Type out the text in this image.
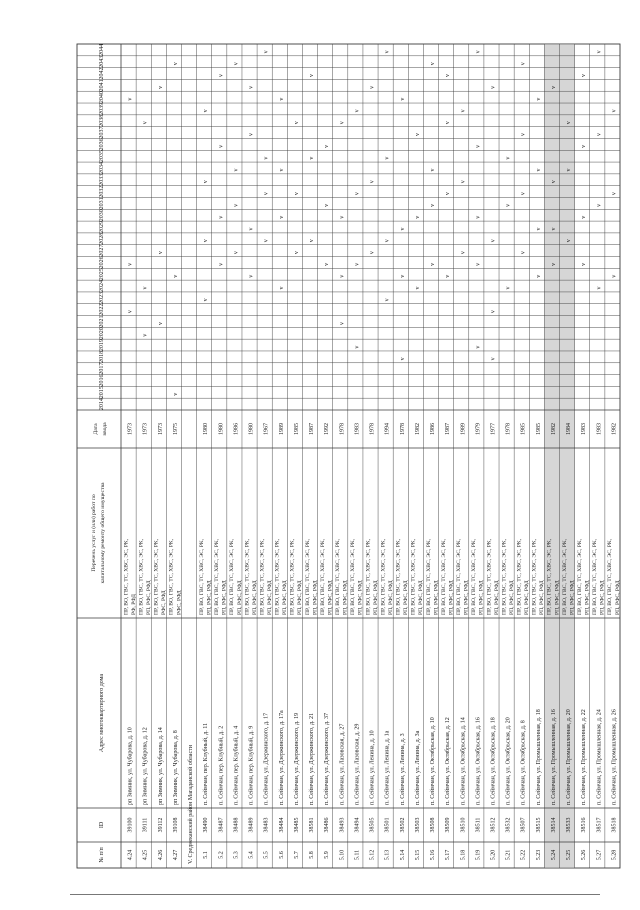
№ п/п
ID
Адрес многоквартирного дома
Перечень услуг и (или) работ по капитальному ремонту общего имущества
Дата ввода
2014
2015
2016
2017
2018
2019
2020
2021
2022
2023
2024
2025
2026
2027
2028
2029
2030
2031
2032
2033
2034
2035
2036
2037
2038
2039
2040
2041
2042
2043
2044
4.24
39100
рп Зимник, ул. Чубарова, д. 10
ПР, ВО, ГВС, ТС, ХВС, ЭС, РК, РФ, РФД
1973
v
v
v
4.25
39111
рп Зимник, ул. Чубарова, д. 12
ПР, ВО, ГВС, ТС, ХВС, ЭС, РК, РП, РФС, РФД
1973
v
v
v
4.26
39112
рп Зимник, ул. Чубарова, д. 14
ПР, ВО, ГВС, ТС, ХВС, ЭС, РК, РФС, РФД
1973
v
v
v
4.27
39108
рп Зимник, ул. Чубарова, д. 8
ПР, ВО, ГВС, ТС, ХВС, ЭС, РК, РФС, РФД
1975
v
v
v
V. Среднеканский район Магаданской области 5.1
38490
п. Сеймчан, пер. Клубный, д. 11
ПР, ВО, ГВС, ТС, ХВС, ЭС, РК, РП, РФС, РФД
1980
v
v
v
v
5.2
38487
п. Сеймчан, пер. Клубный, д. 2
ПР, ВО, ГВС, ТС, ХВС, ЭС, РК, РП, РФС, РФД
1980
v
v
v
v
5.3
38488
п. Сеймчан, пер. Клубный, д. 4
ПР, ВО, ГВС, ТС, ХВС, ЭС, РК, РП, РФС, РФД
1986
v
v
v
v
5.4
38489
п. Сеймчан, пер. Клубный, д. 9
ПР, ВО, ГВС, ТС, ХВС, ЭС, РК, РП, РФС, РФД
1980
v
v
v
v
5.5
38483
п. Сеймчан, ул. Дзержинского, д. 17
ПР, ВО, ГВС, ТС, ХВС, ЭС, РК, РП, РФС, РФД
1967
v
v
v
v
5.6
38484
п. Сеймчан, ул. Дзержинского, д. 17а
ПР, ВО, ГВС, ТС, ХВС, ЭС, РК, РП, РФС, РФД
1989
v
v
v
v
5.7
38485
п. Сеймчан, ул. Дзержинского, д. 19
ПР, ВО, ГВС, ТС, ХВС, ЭС, РК, РП, РФС, РФД
1985
v
v
v
5.8
38581
п. Сеймчан, ул. Дзержинского, д. 21
ПР, ВО, ГВС, ТС, ХВС, ЭС, РК, РП, РФС, РФД
1987
v
v
v
5.9
38486
п. Сеймчан, ул. Дзержинского, д. 37
ПР, ВО, ГВС, ТС, ХВС, ЭС, РК, РП, РФС, РФД
1992
v
v
v
5.10
38493
п. Сеймчан, ул. Лазовская, д. 27
ПР, ВО, ГВС, ТС, ХВС, ЭС, РК, РП, РФС, РФД
1978
v
v
v
v
5.11
38494
п. Сеймчан, ул. Лазовская, д. 29
ПР, ВО, ГВС, ТС, ХВС, ЭС, РК, РП, РФС, РФД
1983
v
v
v
v
5.12
38505
п. Сеймчан, ул. Ленина, д. 10
ПР, ВО, ГВС, ТС, ХВС, ЭС, РК, РП, РФС, РФД
1978
v
v
v
5.13
38501
п. Сеймчан, ул. Ленина, д. 1а
ПР, ВО, ГВС, ТС, ХВС, ЭС, РК, РП, РФС, РФД
1994
v
v
v
v
5.14
38502
п. Сеймчан, ул. Ленина, д. 3
ПР, ВО, ГВС, ТС, ХВС, ЭС, РК, РП, РФС, РФД
1978
v
v
v
v
5.15
38503
п. Сеймчан, ул. Ленина, д. 3а
ПР, ВО, ГВС, ТС, ХВС, ЭС, РК, РП, РФС, РФД
1982
v
v
v
5.16
38508
п. Сеймчан, ул. Октябрьская, д. 10
ПР, ВО, ГВС, ТС, ХВС, ЭС, РК, РП, РФС, РФД
1986
v
v
v
v
5.17
38509
п. Сеймчан, ул. Октябрьская, д. 12
ПР, ВО, ГВС, ТС, ХВС, ЭС, РК, РП, РФС, РФД
1987
v
v
v
v
5.18
38510
п. Сеймчан, ул. Октябрьская, д. 14
ПР, ВО, ГВС, ТС, ХВС, ЭС, РК, РП, РФС, РФД
1989
v
v
v
5.19
38511
п. Сеймчан, ул. Октябрьская, д. 16
ПР, ВО, ГВС, ТС, ХВС, ЭС, РК, РП, РФС, РФД
1979
v
v
v
v
v
5.20
38512
п. Сеймчан, ул. Октябрьская, д. 18
ПР, ВО, ГВС, ТС, ХВС, ЭС, РК, РП, РФС, РФД
1977
v
v
v
v
5.21
38532
п. Сеймчан, ул. Октябрьская, д. 20
ПР, ВО, ГВС, ТС, ХВС, ЭС, РК, РП, РФС, РФД
1978
v
v
v
5.22
38507
п. Сеймчан, ул. Октябрьская, д. 8
ПР, ВО, ГВС, ТС, ХВС, ЭС, РК, РП, РФС, РФД
1985
v
v
v
v
5.23
38515
п. Сеймчан, ул. Промышленная, д. 18
ПР, ВО, ГВС, ТС, ХВС, ЭС, РК, РП, РФС, РФД
1985
v
v
v
v
5.24
38514
п. Сеймчан, ул. Промышленная, д. 16
ПР, ВО, ГВС, ТС, ХВС, ЭС, РК, РП, РФС, РФД
1982
v
v
v
v
5.25
38533
п. Сеймчан, ул. Промышленная, д. 20
ПР, ВО, ГВС, ТС, ХВС, ЭС, РК, РП, РФС, РФД
1984
v
v
v
5.26
38516
п. Сеймчан, ул. Промышленная, д. 22
ПР, ВО, ГВС, ТС, ХВС, ЭС, РК, РП, РФС, РФД
1983
v
v
v
v
5.27
38517
п. Сеймчан, ул. Промышленная, д. 24
ПР, ВО, ГВС, ТС, ХВС, ЭС, РК, РП, РФС, РФД
1983
v
v
v
v
5.28
38518
п. Сеймчан, ул. Промышленная, д. 26
ПР, ВО, ГВС, ТС, ХВС, ЭС, РК, РП, РФС, РФД
1982
v
v
v
